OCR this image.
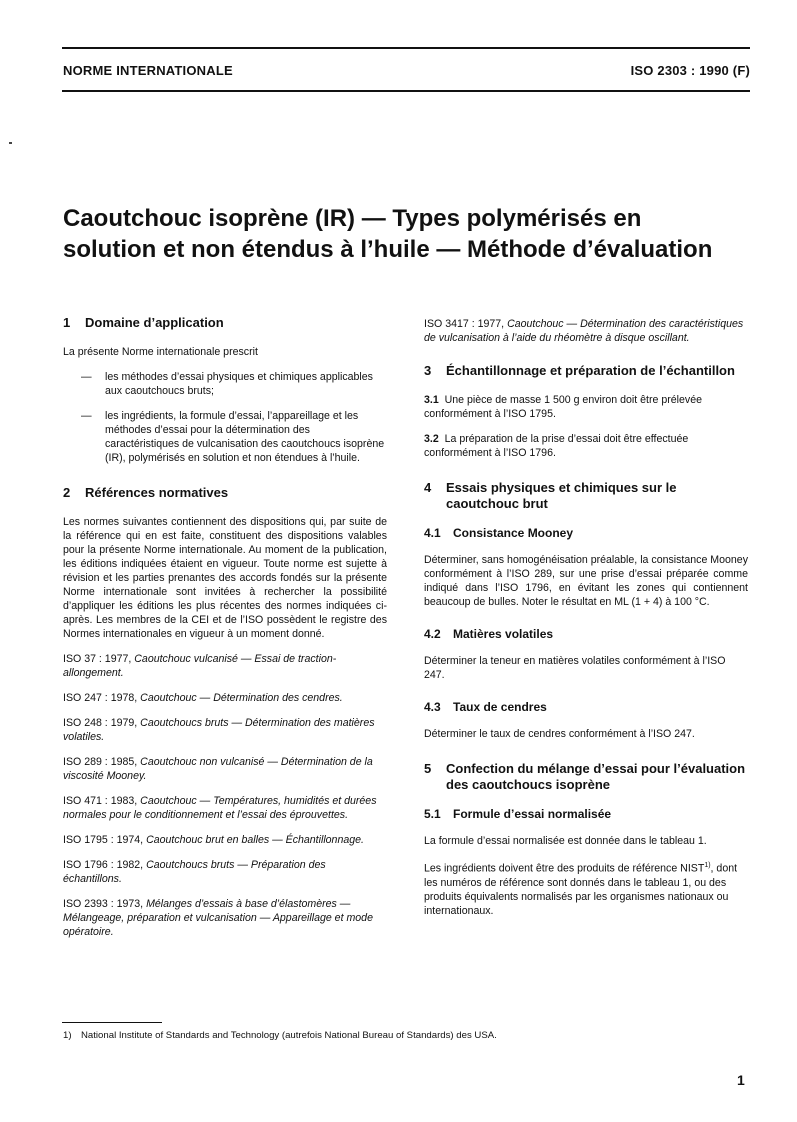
NORME INTERNATIONALE	ISO 2303 : 1990 (F)
Caoutchouc isoprène (IR) — Types polymérisés en
solution et non étendus à l’huile — Méthode d’évaluation
1	Domaine d’application

La présente Norme internationale prescrit

—	les méthodes d’essai physiques et chimiques applicables aux caoutchoucs bruts;
—	les ingrédients, la formule d’essai, l’appareillage et les méthodes d’essai pour la détermination des caractéristiques de vulcanisation des caoutchoucs isoprène (IR), polymérisés en solution et non étendues à l’huile.
2	Références normatives

Les normes suivantes contiennent des dispositions qui, par suite de la référence qui en est faite, constituent des dispositions valables pour la présente Norme internationale. Au moment de la publication, les éditions indiquées étaient en vigueur. Toute norme est sujette à révision et les parties prenantes des accords fondés sur la présente Norme internationale sont invitées à rechercher la possibilité d’appliquer les éditions les plus récentes des normes indiquées ci-après. Les membres de la CEI et de l’ISO possèdent le registre des Normes internationales en vigueur à un moment donné.

ISO 37 : 1977, Caoutchouc vulcanisé — Essai de traction-allongement.
ISO 247 : 1978, Caoutchouc — Détermination des cendres.
ISO 248 : 1979, Caoutchoucs bruts — Détermination des matières volatiles.
ISO 289 : 1985, Caoutchouc non vulcanisé — Détermination de la viscosité Mooney.
ISO 471 : 1983, Caoutchouc — Températures, humidités et durées normales pour le conditionnement et l’essai des éprouvettes.
ISO 1795 : 1974, Caoutchouc brut en balles — Échantillonnage.
ISO 1796 : 1982, Caoutchoucs bruts — Préparation des échantillons.
ISO 2393 : 1973, Mélanges d’essais à base d’élastomères — Mélangeage, préparation et vulcanisation — Appareillage et mode opératoire.
ISO 3417 : 1977, Caoutchouc — Détermination des caractéristiques de vulcanisation à l’aide du rhéomètre à disque oscillant.
3	Échantillonnage et préparation de l’échantillon

3.1 Une pièce de masse 1 500 g environ doit être prélevée conformément à l’ISO 1795.

3.2 La préparation de la prise d’essai doit être effectuée conformément à l’ISO 1796.

4	Essais physiques et chimiques sur le caoutchouc brut
4.1	Consistance Mooney

Déterminer, sans homogénéisation préalable, la consistance Mooney conformément à l’ISO 289, sur une prise d’essai préparée comme indiqué dans l’ISO 1796, en évitant les zones qui contiennent beaucoup de bulles. Noter le résultat en ML (1 + 4) à 100 °C.

4.2	Matières volatiles

Déterminer la teneur en matières volatiles conformément à l’ISO 247.

4.3	Taux de cendres

Déterminer le taux de cendres conformément à l’ISO 247.

5	Confection du mélange d’essai pour l’évaluation des caoutchoucs isoprène
5.1	Formule d’essai normalisée

La formule d’essai normalisée est donnée dans le tableau 1.

Les ingrédients doivent être des produits de référence NIST$^{1)}$, dont les numéros de référence sont donnés dans le tableau 1, ou des produits équivalents normalisés par les organismes nationaux ou internationaux.

1) National Institute of Standards and Technology (autrefois National Bureau of Standards) des USA.
1
